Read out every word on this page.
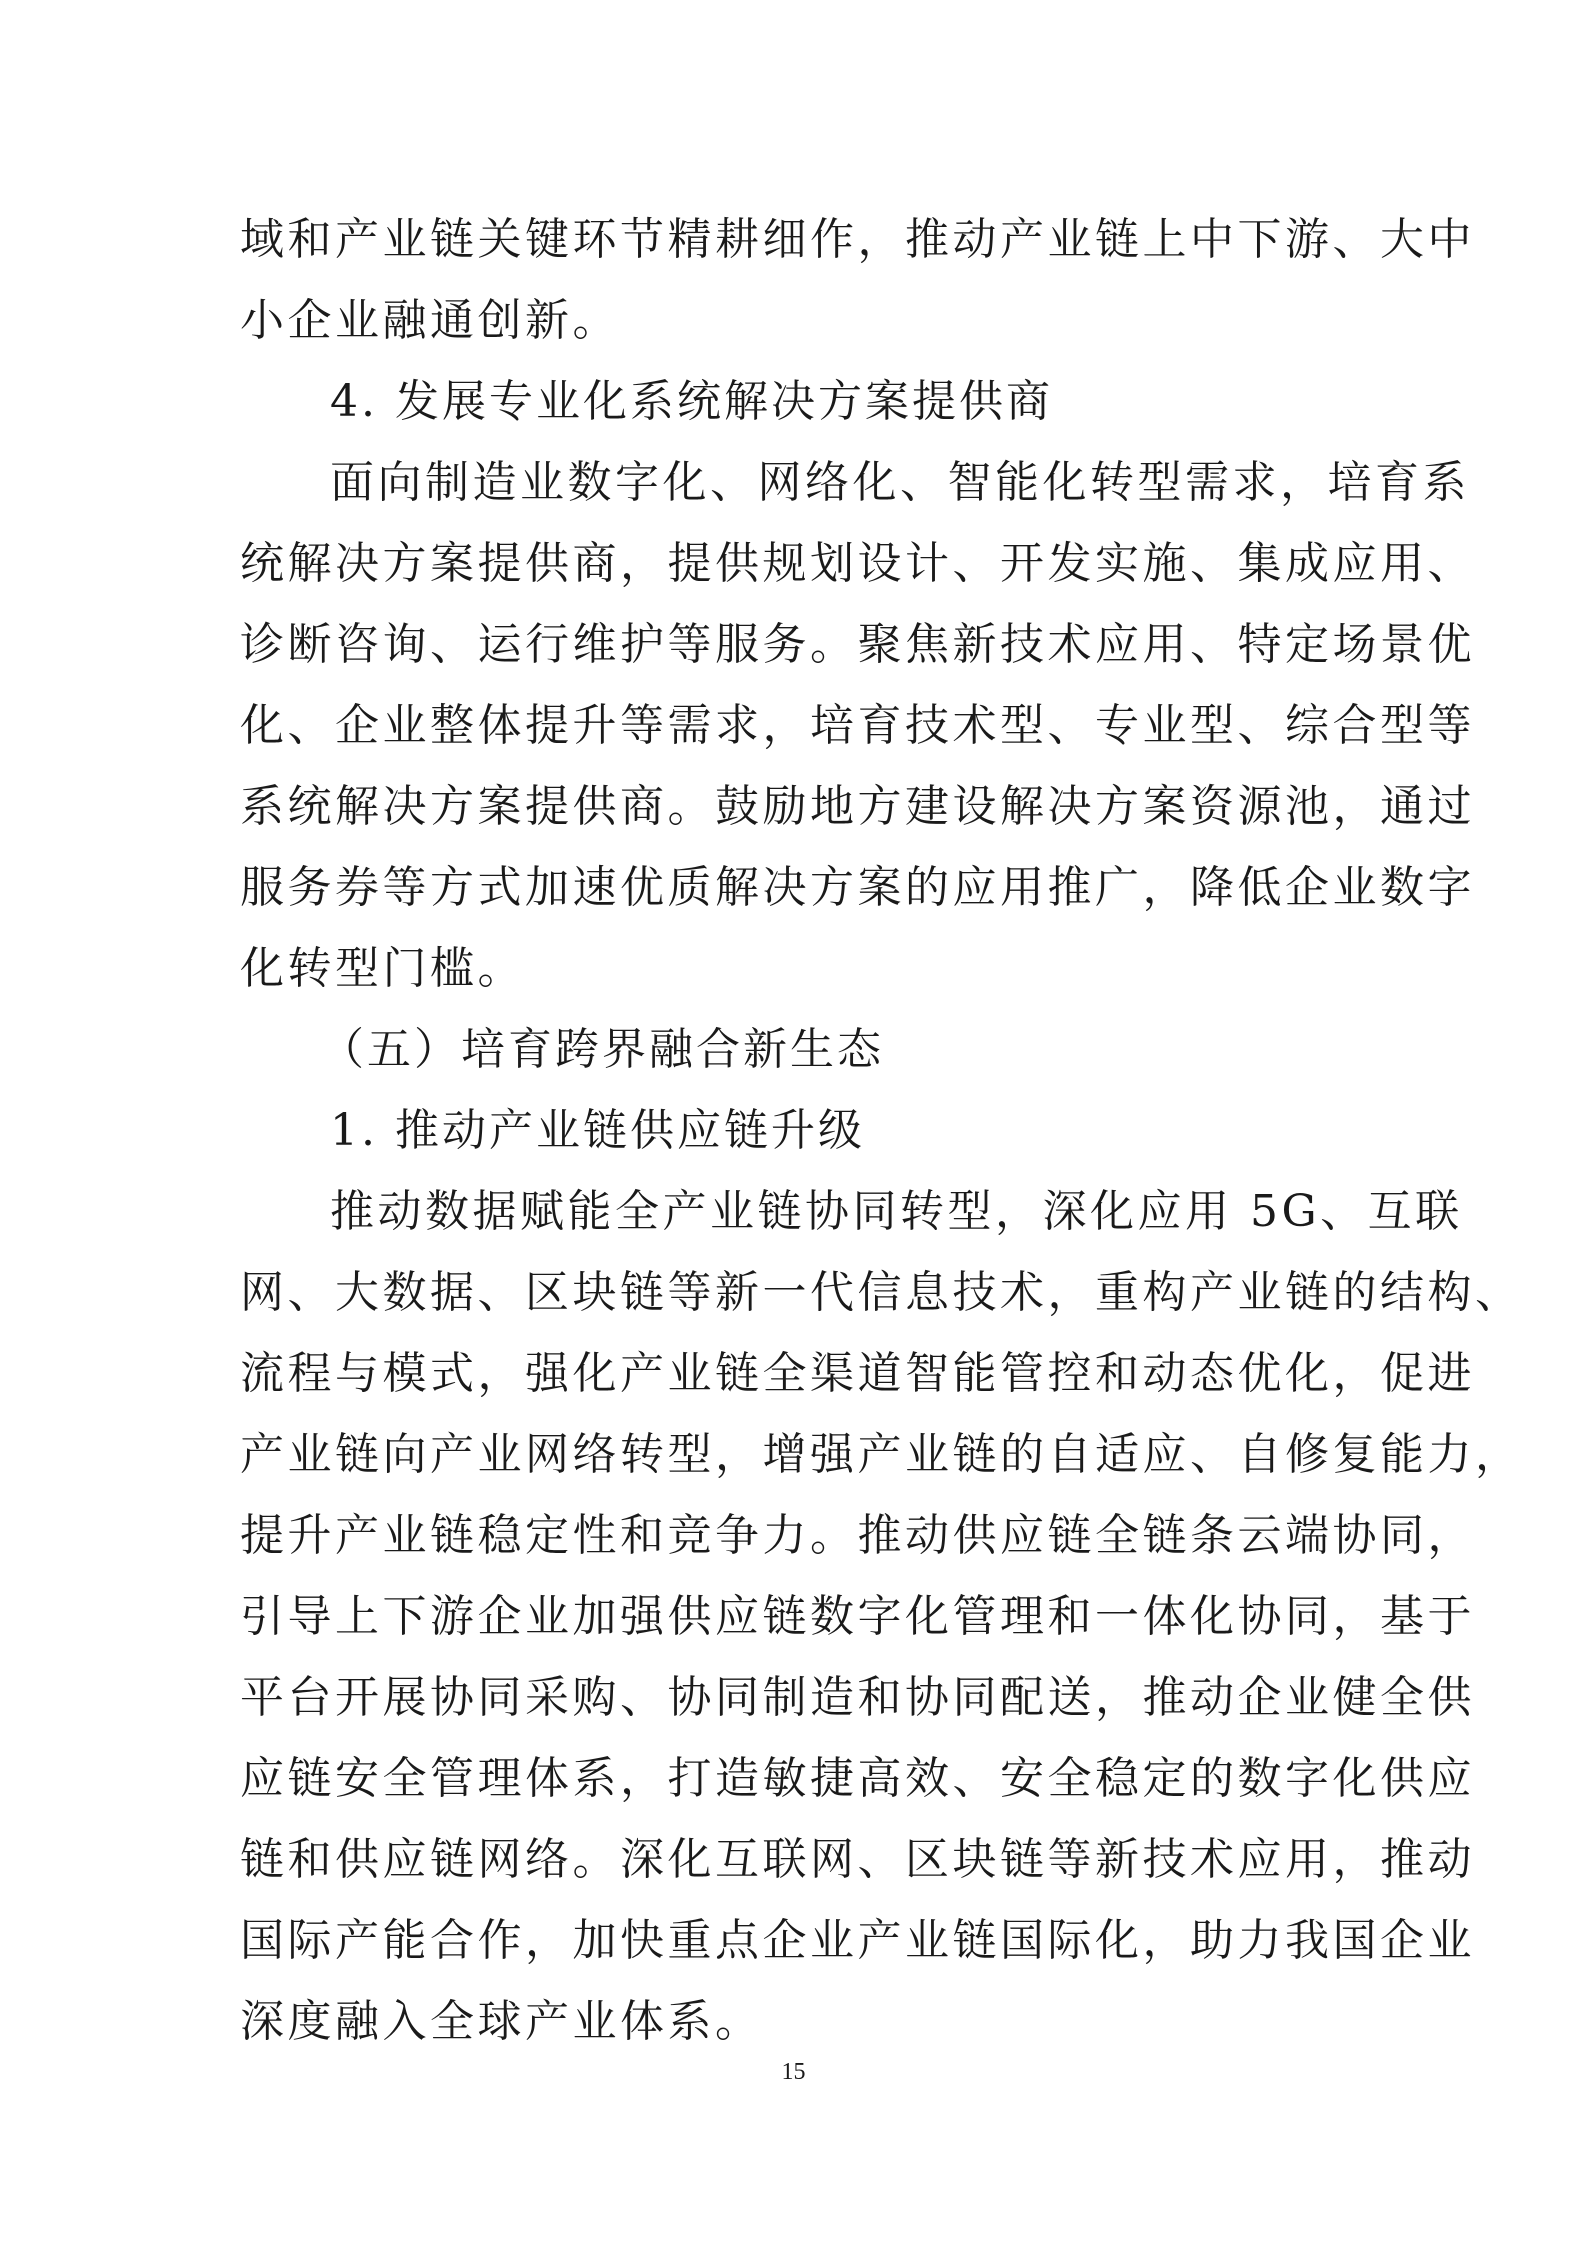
域和产业链关键环节精耕细作，推动产业链上中下游、大中
小企业融通创新。
4. 发展专业化系统解决方案提供商
面向制造业数字化、网络化、智能化转型需求，培育系
统解决方案提供商，提供规划设计、开发实施、集成应用、
诊断咨询、运行维护等服务。聚焦新技术应用、特定场景优
化、企业整体提升等需求，培育技术型、专业型、综合型等
系统解决方案提供商。鼓励地方建设解决方案资源池，通过
服务券等方式加速优质解决方案的应用推广，降低企业数字
化转型门槛。
（五）培育跨界融合新生态
1. 推动产业链供应链升级
推动数据赋能全产业链协同转型，深化应用 5G、互联
网、大数据、区块链等新一代信息技术，重构产业链的结构、
流程与模式，强化产业链全渠道智能管控和动态优化，促进
产业链向产业网络转型，增强产业链的自适应、自修复能力，
提升产业链稳定性和竞争力。推动供应链全链条云端协同，
引导上下游企业加强供应链数字化管理和一体化协同，基于
平台开展协同采购、协同制造和协同配送，推动企业健全供
应链安全管理体系，打造敏捷高效、安全稳定的数字化供应
链和供应链网络。深化互联网、区块链等新技术应用，推动
国际产能合作，加快重点企业产业链国际化，助力我国企业
深度融入全球产业体系。
15
